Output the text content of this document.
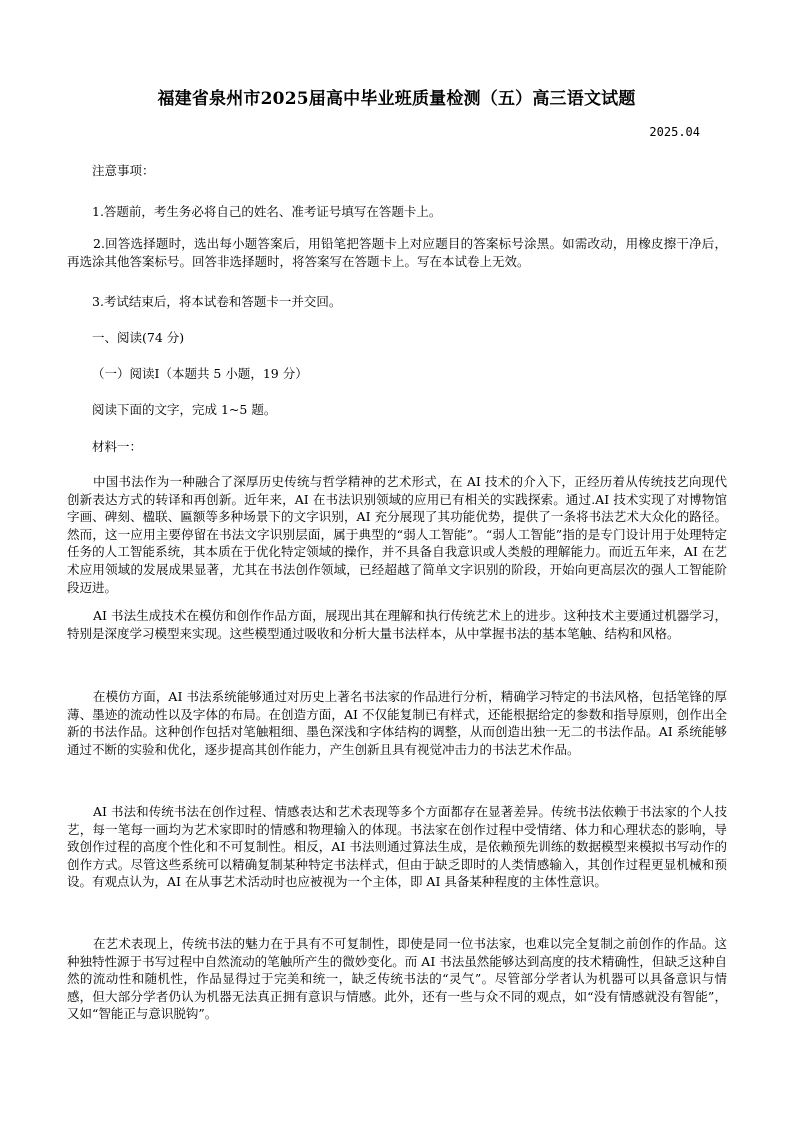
福建省泉州市2025届高中毕业班质量检测（五）高三语文试题
2025.04
注意事项：
1.答题前，考生务必将自己的姓名、准考证号填写在答题卡上。
2.回答选择题时，选出每小题答案后，用铅笔把答题卡上对应题目的答案标号涂黑。如需改动，用橡皮擦干净后，再选涂其他答案标号。回答非选择题时，将答案写在答题卡上。写在本试卷上无效。
3.考试结束后，将本试卷和答题卡一并交回。
一、阅读(74 分)
（一）阅读Ⅰ（本题共 5 小题，19 分）
阅读下面的文字，完成 1~5 题。
材料一：
中国书法作为一种融合了深厚历史传统与哲学精神的艺术形式，在 AI 技术的介入下，正经历着从传统技艺向现代创新表达方式的转译和再创新。近年来，AI 在书法识别领域的应用已有相关的实践探索。通过.AI 技术实现了对博物馆字画、碑刻、楹联、匾额等多种场景下的文字识别，AI 充分展现了其功能优势，提供了一条将书法艺术大众化的路径。然而，这一应用主要停留在书法文字识别层面，属于典型的“弱人工智能”。“弱人工智能”指的是专门设计用于处理特定任务的人工智能系统，其本质在于优化特定领域的操作，并不具备自我意识或人类般的理解能力。而近五年来，AI 在艺术应用领域的发展成果显著，尤其在书法创作领域，已经超越了简单文字识别的阶段，开始向更高层次的强人工智能阶段迈进。
AI 书法生成技术在模仿和创作作品方面，展现出其在理解和执行传统艺术上的进步。这种技术主要通过机器学习，特别是深度学习模型来实现。这些模型通过吸收和分析大量书法样本，从中掌握书法的基本笔触、结构和风格。
在模仿方面，AI 书法系统能够通过对历史上著名书法家的作品进行分析，精确学习特定的书法风格，包括笔锋的厚薄、墨迹的流动性以及字体的布局。在创造方面，AI 不仅能复制已有样式，还能根据给定的参数和指导原则，创作出全新的书法作品。这种创作包括对笔触粗细、墨色深浅和字体结构的调整，从而创造出独一无二的书法作品。AI 系统能够通过不断的实验和优化，逐步提高其创作能力，产生创新且具有视觉冲击力的书法艺术作品。
AI 书法和传统书法在创作过程、情感表达和艺术表现等多个方面都存在显著差异。传统书法依赖于书法家的个人技艺，每一笔每一画均为艺术家即时的情感和物理输入的体现。书法家在创作过程中受情绪、体力和心理状态的影响，导致创作过程的高度个性化和不可复制性。相反，AI 书法则通过算法生成，是依赖预先训练的数据模型来模拟书写动作的创作方式。尽管这些系统可以精确复制某种特定书法样式，但由于缺乏即时的人类情感输入，其创作过程更显机械和预设。有观点认为，AI 在从事艺术活动时也应被视为一个主体，即 AI 具备某种程度的主体性意识。
在艺术表现上，传统书法的魅力在于具有不可复制性，即使是同一位书法家，也难以完全复制之前创作的作品。这种独特性源于书写过程中自然流动的笔触所产生的微妙变化。而 AI 书法虽然能够达到高度的技术精确性，但缺乏这种自然的流动性和随机性，作品显得过于完美和统一，缺乏传统书法的“灵气”。尽管部分学者认为机器可以具备意识与情感，但大部分学者仍认为机器无法真正拥有意识与情感。此外，还有一些与众不同的观点，如“没有情感就没有智能”，又如“智能正与意识脱钩”。
